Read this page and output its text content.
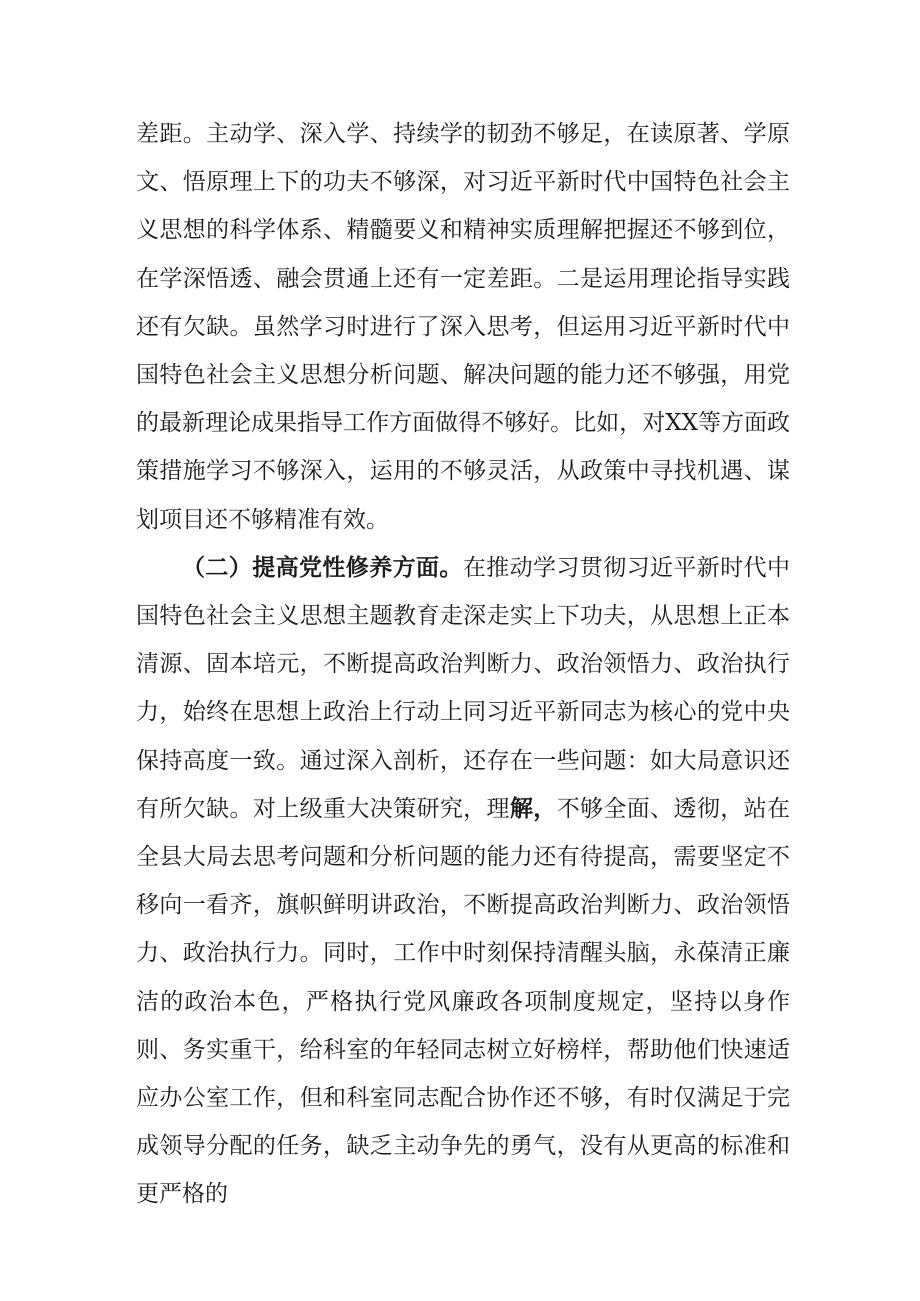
差距。主动学、深入学、持续学的韧劲不够足，在读原著、学原文、悟原理上下的功夫不够深，对习近平新时代中国特色社会主义思想的科学体系、精髓要义和精神实质理解把握还不够到位，在学深悟透、融会贯通上还有一定差距。二是运用理论指导实践还有欠缺。虽然学习时进行了深入思考，但运用习近平新时代中国特色社会主义思想分析问题、解决问题的能力还不够强，用党的最新理论成果指导工作方面做得不够好。比如，对XX等方面政策措施学习不够深入，运用的不够灵活，从政策中寻找机遇、谋划项目还不够精准有效。

（二）提高党性修养方面。在推动学习贯彻习近平新时代中国特色社会主义思想主题教育走深走实上下功夫，从思想上正本清源、固本培元，不断提高政治判断力、政治领悟力、政治执行力，始终在思想上政治上行动上同习近平新同志为核心的党中央保持高度一致。通过深入剖析，还存在一些问题：如大局意识还有所欠缺。对上级重大决策研究，理解，不够全面、透彻，站在全县大局去思考问题和分析问题的能力还有待提高，需要坚定不移向一看齐，旗帜鲜明讲政治，不断提高政治判断力、政治领悟力、政治执行力。同时，工作中时刻保持清醒头脑，永葆清正廉洁的政治本色，严格执行党风廉政各项制度规定，坚持以身作则、务实重干，给科室的年轻同志树立好榜样，帮助他们快速适应办公室工作，但和科室同志配合协作还不够，有时仅满足于完成领导分配的任务，缺乏主动争先的勇气，没有从更高的标准和更严格的
